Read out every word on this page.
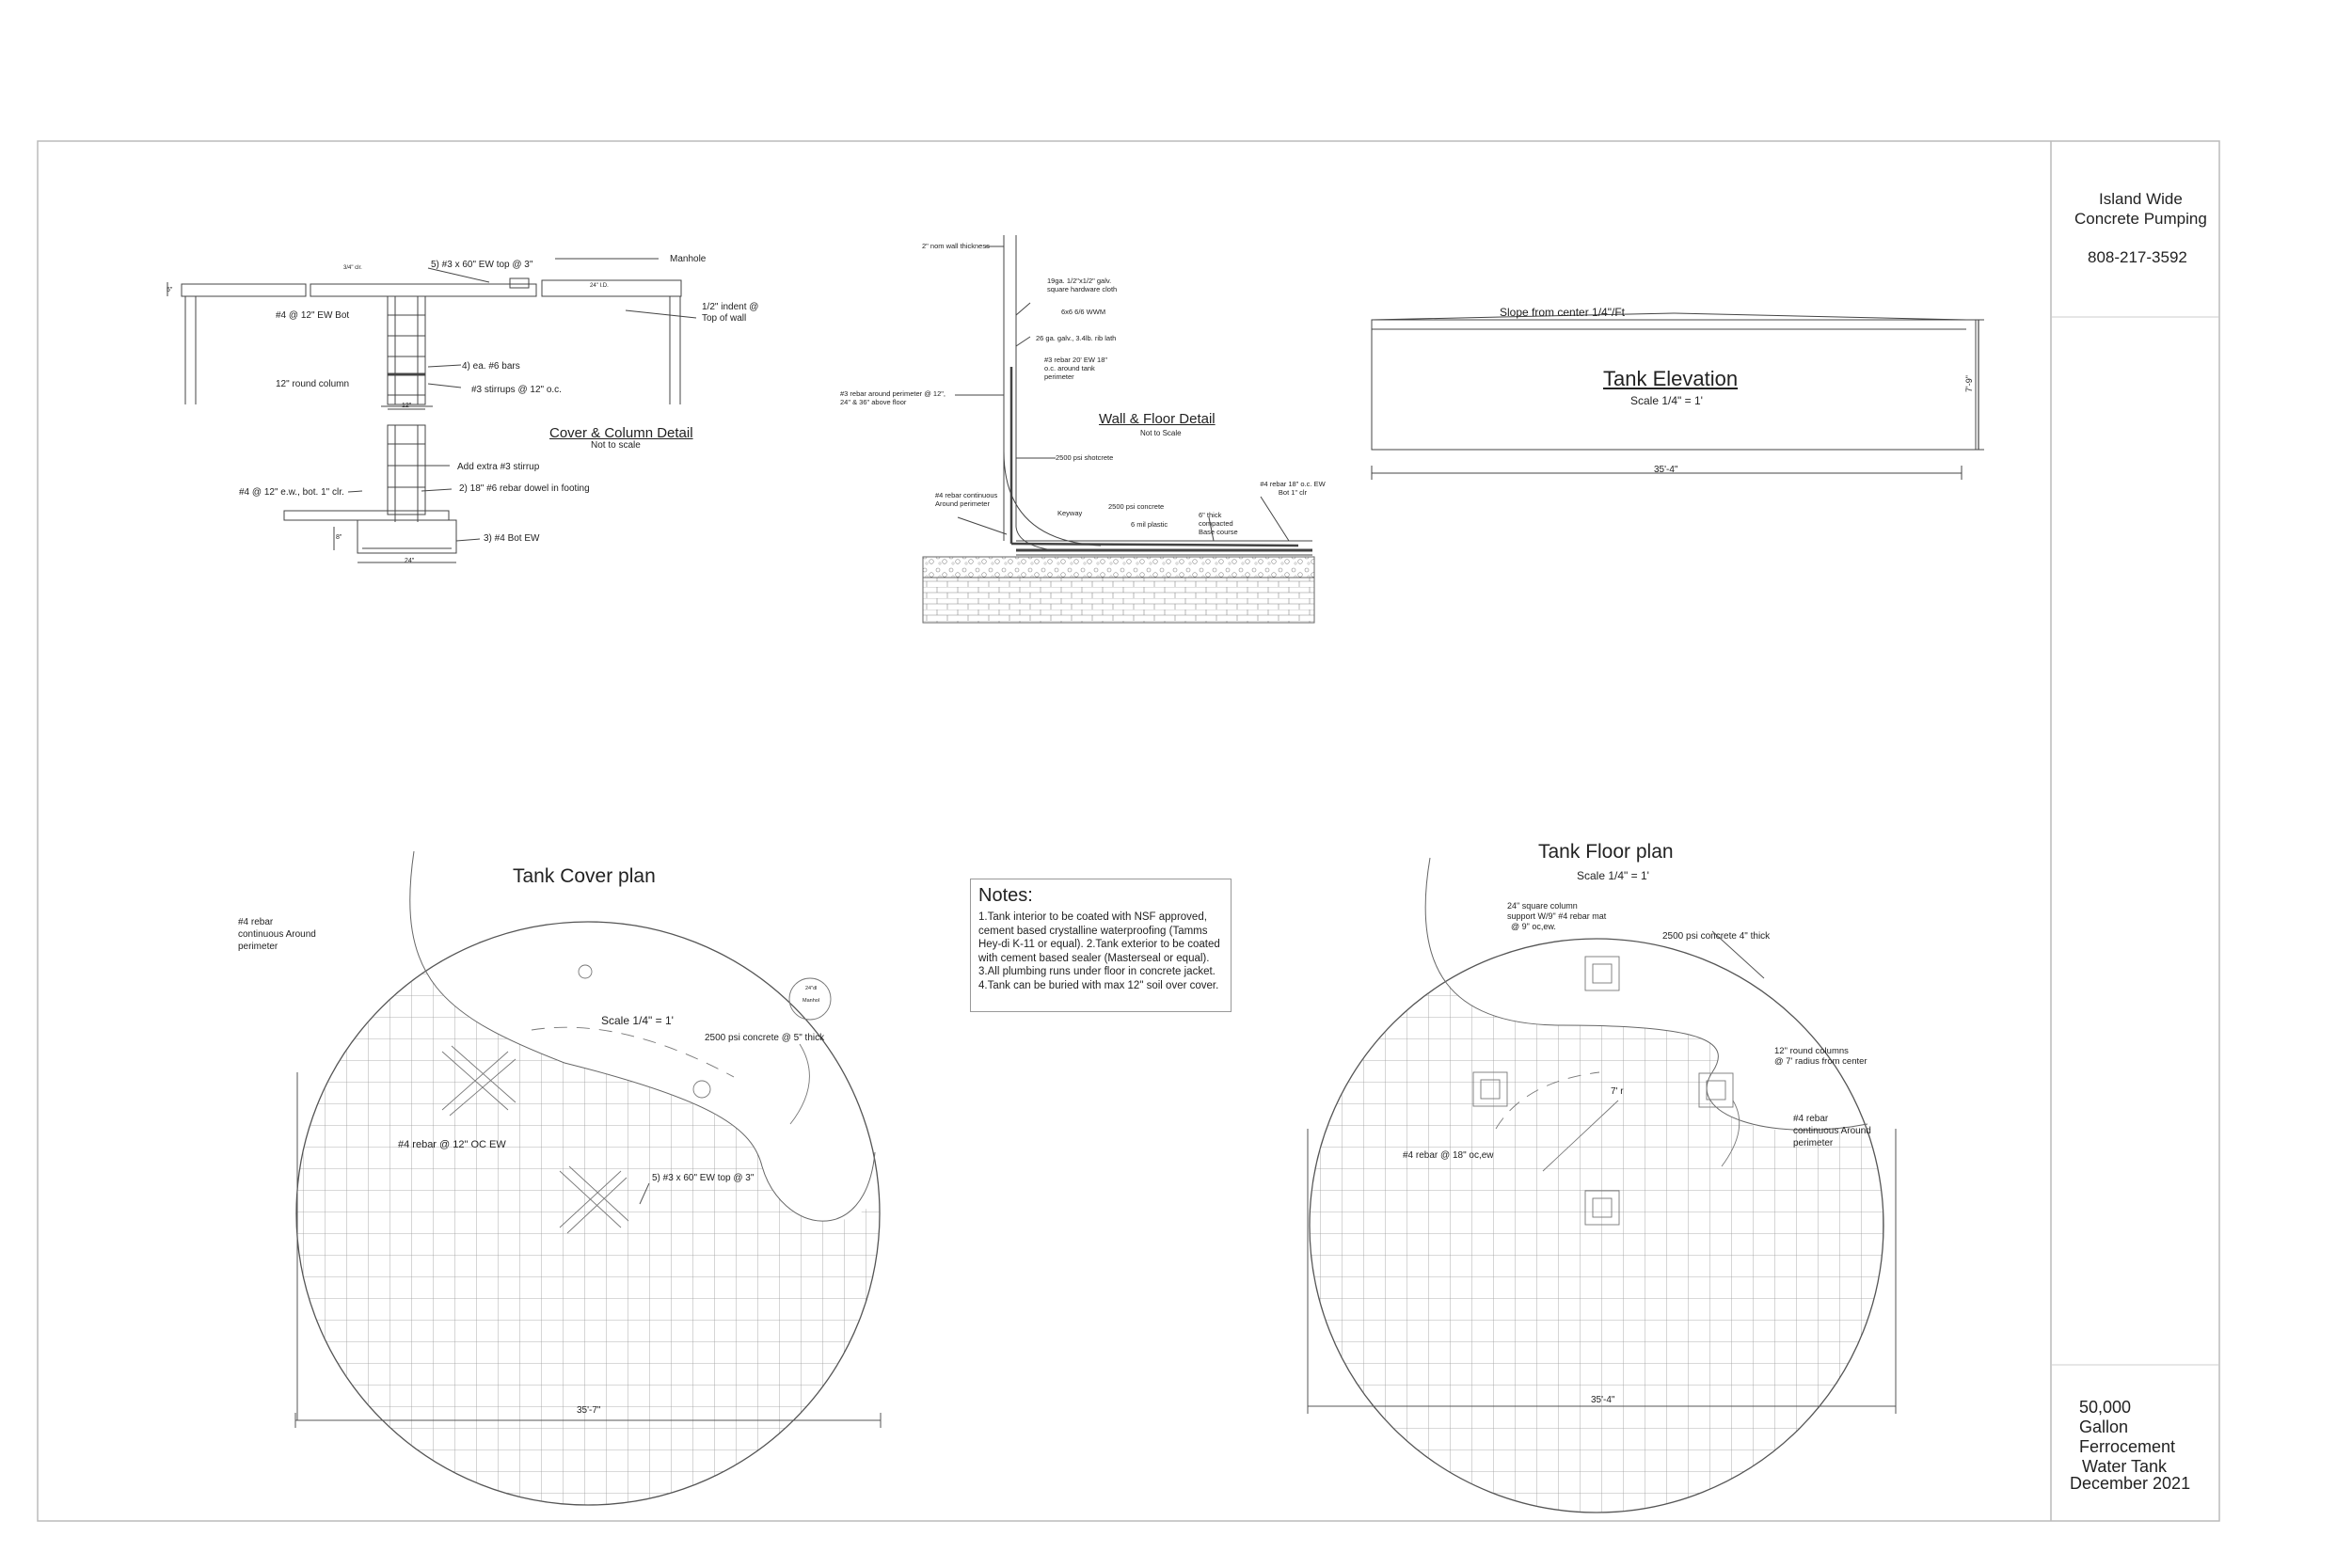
Island Wide
Concrete Pumping
808-217-3592
50,000
Gallon
Ferrocement
Water Tank
December 2021
Cover & Column Detail
Not to scale
Manhole
5) #3 x 60" EW top @ 3"
#4 @ 12" EW Bot
1/2" indent @
Top of wall
12" round column
4) ea. #6 bars
#3 stirrups @ 12" o.c.
Add extra #3 stirrup
#4 @ 12" e.w., bot. 1" clr.	2) 18" #6 rebar dowel in footing
3) #4 Bot EW
24"
12"
8"
5"
3/4" clr.
24" I.D.
Wall & Floor Detail
Not to Scale
2" nom wall thickness
19ga. 1/2"x1/2" galv. square hardware cloth
6x6 6/6 WWM
26 ga. galv., 3.4lb. rib lath
#3 rebar 20' EW 18" o.c. around tank perimeter
#3 rebar around perimeter @ 12", 24" & 36" above floor
2500 psi shotcrete
#4 rebar continuous Around perimeter
Keyway
2500 psi concrete
6 mil plastic
6" thick compacted Base course
#4 rebar 18" o.c. EW Bot 1" clr
Tank Elevation
Scale 1/4" = 1'
Slope from center 1/4"/Ft
7'-9"
35'-4"
Tank Cover plan
Scale 1/4" = 1'
2500 psi concrete @ 5" thick
#4 rebar @ 12" OC EW
5) #3 x 60" EW top @ 3"
#4 rebar
continuous Around
perimeter
24"dl
Manhol
35'-7"
Notes:
1.Tank interior to be coated with NSF approved, cement based crystalline waterproofing (Tamms Hey-di K-11 or equal). 2.Tank exterior to be coated with cement based sealer (Masterseal or equal). 3.All plumbing runs under floor in concrete jacket. 4.Tank can be buried with max 12" soil over cover.
Tank Floor plan
Scale 1/4" = 1'
24" square column
support W/9" #4 rebar mat
@ 9" oc,ew.
2500 psi concrete 4" thick
12" round columns
@ 7' radius from center
7' r
#4 rebar @ 18" oc,ew
#4 rebar
continuous Around
perimeter
35'-4"
